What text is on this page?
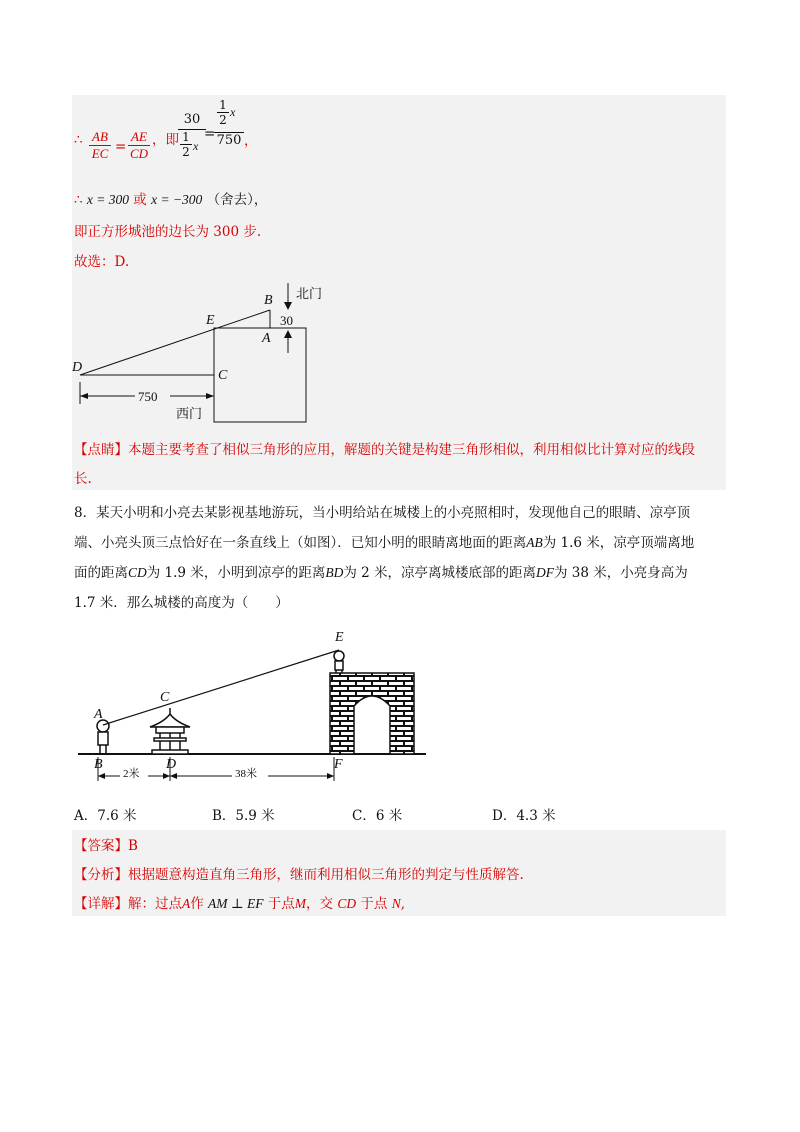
∴ $\frac{AB}{EC} = \frac{AE}{CD}$ ，即 $\frac{30}{\frac{1}{2} x}$
=
$\frac{\frac{1}{2} x}{750}$ ，
∴ x = 300 或 x = −300 （舍去），
即正方形城池的边长为 300 步.
故选：D.
B
E
A
D
C
北门
30
750
西门
【点睛】本题主要考查了相似三角形的应用，解题的关键是构建三角形相似，利用相似比计算对应的线段
长.
8．某天小明和小亮去某影视基地游玩，当小明给站在城楼上的小亮照相时，发现他自己的眼睛、凉亭顶
端、小亮头顶三点恰好在一条直线上（如图）．已知小明的眼睛离地面的距离AB为 1.6 米，凉亭顶端离地
面的距离CD为 1.9 米，小明到凉亭的距离BD为 2 米，凉亭离城楼底部的距离DF为 38 米，小亮身高为
1.7 米．那么城楼的高度为（　　）
2米	38米
E
C
A
B	D	F
A．7.6 米	B．5.9 米	C．6 米	D．4.3 米
【答案】B
【分析】根据题意构造直角三角形，继而利用相似三角形的判定与性质解答.
【详解】解：过点A作 AM ⊥ EF 于点M，交 CD 于点 N,
